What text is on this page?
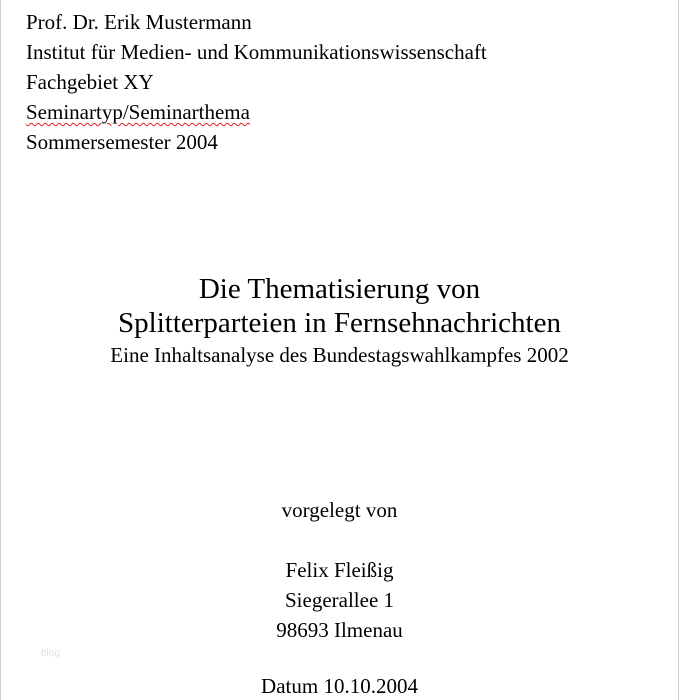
Prof. Dr. Erik Mustermann
Institut für Medien- und Kommunikationswissenschaft
Fachgebiet XY
Seminartyp/Seminarthema
Sommersemester 2004
Die Thematisierung von
Splitterparteien in Fernsehnachrichten
Eine Inhaltsanalyse des Bundestagswahlkampfes 2002
vorgelegt von
Felix Fleißig
Siegerallee 1
98693 Ilmenau
Datum 10.10.2004
blog
